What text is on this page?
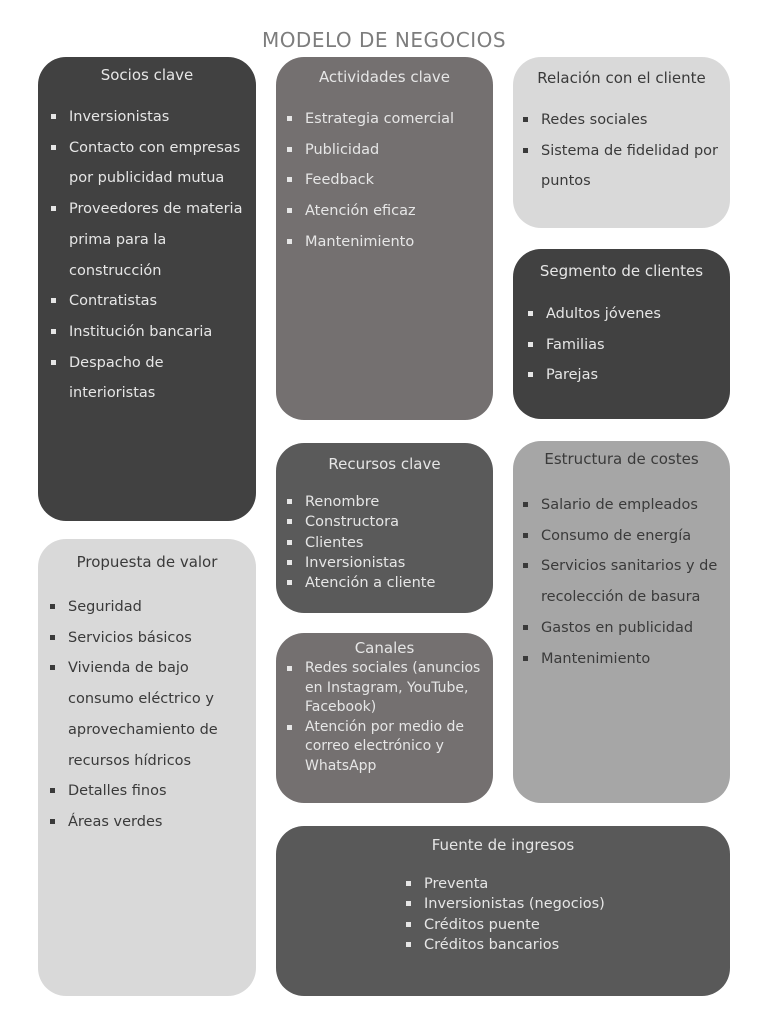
MODELO DE NEGOCIOS
Socios clave
Inversionistas
Contacto con empresas por publicidad mutua
Proveedores de materia prima para la construcción
Contratistas
Institución bancaria
Despacho de interioristas
Actividades clave
Estrategia comercial
Publicidad
Feedback
Atención eficaz
Mantenimiento
Relación con el cliente
Redes sociales
Sistema de fidelidad por puntos
Segmento de clientes
Adultos jóvenes
Familias
Parejas
Recursos clave
Renombre
Constructora
Clientes
Inversionistas
Atención a cliente
Canales
Redes sociales (anuncios en Instagram, YouTube, Facebook)
Atención por medio de correo electrónico y WhatsApp
Estructura de costes
Salario de empleados
Consumo de energía
Servicios sanitarios y de recolección de basura
Gastos en publicidad
Mantenimiento
Propuesta de valor
Seguridad
Servicios básicos
Vivienda de bajo consumo eléctrico y aprovechamiento de recursos hídricos
Detalles finos
Áreas verdes
Fuente de ingresos
Preventa
Inversionistas (negocios)
Créditos puente
Créditos bancarios
